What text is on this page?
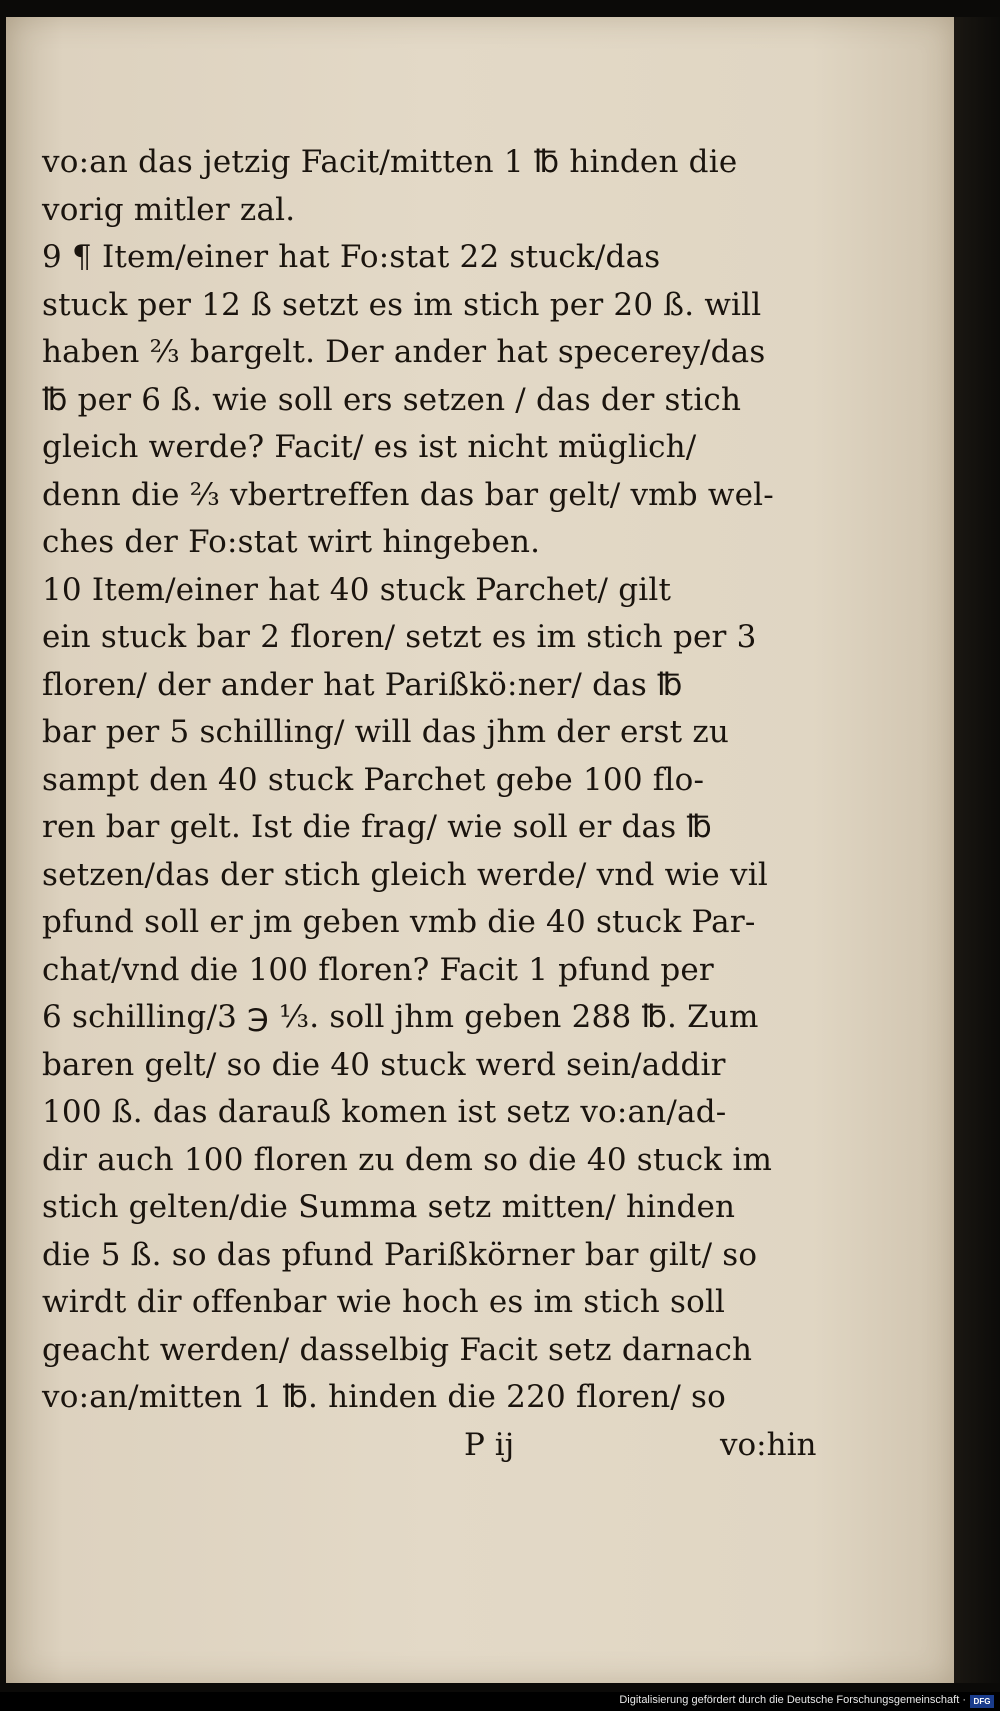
vo:an das jetzig Facit/mitten 1 ℔ hinden die
vorig mitler zal.
9 ¶ Item/einer hat Fo:stat 22 stuck/das
stuck per 12 ß setzt es im stich per 20 ß. will
haben ⅔ bargelt. Der ander hat specerey/das
℔ per 6 ß. wie soll ers setzen / das der stich
gleich werde? Facit/ es ist nicht müglich/
denn die ⅔ vbertreffen das bar gelt/ vmb wel-
ches der Fo:stat wirt hingeben.
10 Item/einer hat 40 stuck Parchet/ gilt
ein stuck bar 2 floren/ setzt es im stich per 3
floren/ der ander hat Parißkö:ner/ das ℔
bar per 5 schilling/ will das jhm der erst zu
sampt den 40 stuck Parchet gebe 100 flo-
ren bar gelt. Ist die frag/ wie soll er das ℔
setzen/das der stich gleich werde/ vnd wie vil
pfund soll er jm geben vmb die 40 stuck Par-
chat/vnd die 100 floren? Facit 1 pfund per
6 schilling/3 ℈ ⅓. soll jhm geben 288 ℔. Zum
baren gelt/ so die 40 stuck werd sein/addir
100 ß. das darauß komen ist setz vo:an/ad-
dir auch 100 floren zu dem so die 40 stuck im
stich gelten/die Summa setz mitten/ hinden
die 5 ß. so das pfund Parißkörner bar gilt/ so
wirdt dir offenbar wie hoch es im stich soll
geacht werden/ dasselbig Facit setz darnach
vo:an/mitten 1 ℔. hinden die 220 floren/ so
P ij	vo:hin
Digitalisierung gefördert durch die Deutsche Forschungsgemeinschaft · DFG
